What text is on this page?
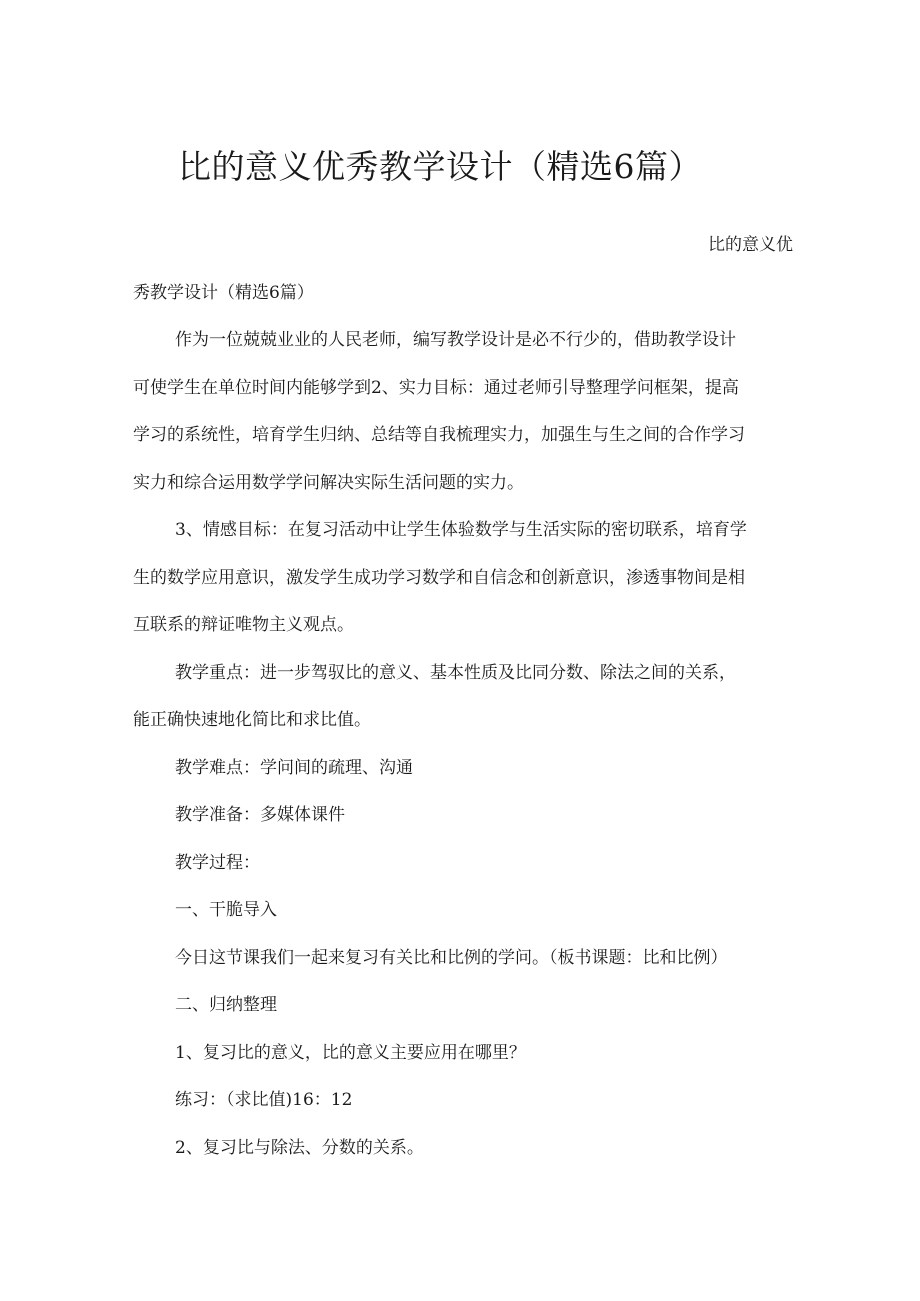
比的意义优秀教学设计（精选6篇）
比的意义优
秀教学设计（精选6篇）
作为一位兢兢业业的人民老师，编写教学设计是必不行少的，借助教学设计
可使学生在单位时间内能够学到2、实力目标：通过老师引导整理学问框架，提高
学习的系统性，培育学生归纳、总结等自我梳理实力，加强生与生之间的合作学习
实力和综合运用数学学问解决实际生活问题的实力。
3、情感目标：在复习活动中让学生体验数学与生活实际的密切联系，培育学
生的数学应用意识，激发学生成功学习数学和自信念和创新意识，渗透事物间是相
互联系的辩证唯物主义观点。
教学重点：进一步驾驭比的意义、基本性质及比同分数、除法之间的关系，
能正确快速地化简比和求比值。
教学难点：学问间的疏理、沟通
教学准备：多媒体课件
教学过程：
一、干脆导入
今日这节课我们一起来复习有关比和比例的学问。（板书课题：比和比例）
二、归纳整理
1、复习比的意义，比的意义主要应用在哪里？
练习：（求比值)16：12
2、复习比与除法、分数的关系。
